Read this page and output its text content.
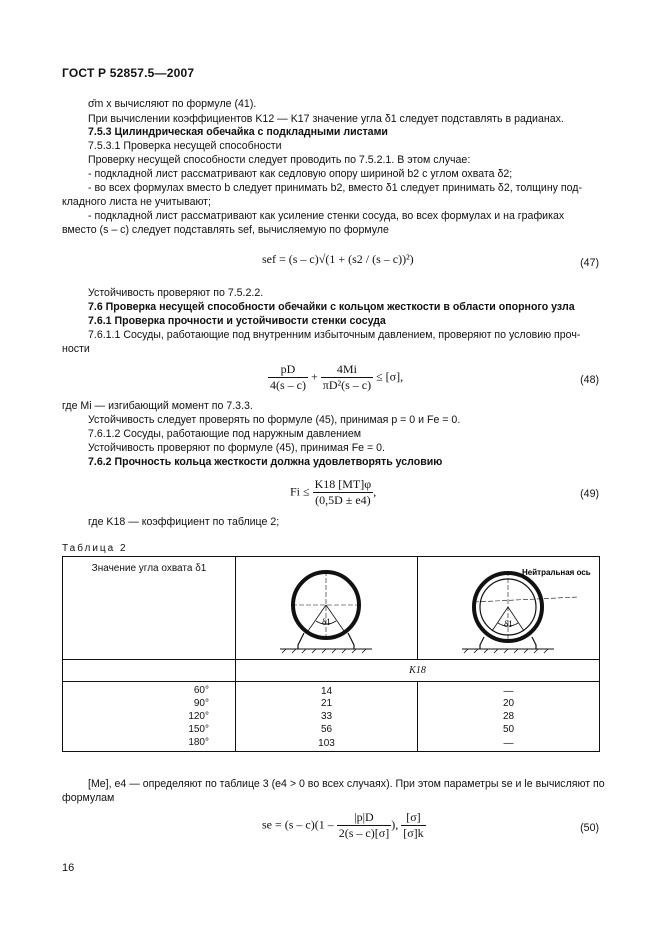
ГОСТ Р 52857.5—2007
σ̄m x вычисляют по формуле (41).
При вычислении коэффициентов K12 — K17 значение угла δ1 следует подставлять в радианах.
7.5.3 Цилиндрическая обечайка с подкладными листами
7.5.3.1 Проверка несущей способности
Проверку несущей способности следует проводить по 7.5.2.1. В этом случае:
- подкладной лист рассматривают как седловую опору шириной b2 с углом охвата δ2;
- во всех формулах вместо b следует принимать b2, вместо δ1 следует принимать δ2, толщину под-
кладного листа не учитывают;
- подкладной лист рассматривают как усиление стенки сосуда, во всех формулах и на графиках
вместо (s – c) следует подставлять sef, вычисляемую по формуле
sef = (s – c)√(1 + (s2 / (s – c))²)	(47)
Устойчивость проверяют по 7.5.2.2.
7.6 Проверка несущей способности обечайки с кольцом жесткости в области опорного узла
7.6.1 Проверка прочности и устойчивости стенки сосуда
7.6.1.1 Сосуды, работающие под внутренним избыточным давлением, проверяют по условию проч-
ности
$\frac{pD}{4(s - c)} + \frac{4Mi}{\text{πD²(s – c)}} \le [\sigma]$,	(48)
где Mi — изгибающий момент по 7.3.3.
Устойчивость следует проверять по формуле (45), принимая p = 0 и Fe = 0.
7.6.1.2 Сосуды, работающие под наружным давлением
Устойчивость проверяют по формуле (45), принимая Fe = 0.
7.6.2 Прочность кольца жесткости должна удовлетворять условию
$Fi \le \frac{K18 [MT]\varphi}{(0,5D \pm e4)}$ ,	(49)
где K18 — коэффициент по таблице 2;
Таблица 2
Значение угла охвата δ1	δ1	δ1
Нейтральная ось

	K18	
60°	14	—
90°	21	20
120°	33	28
150°	56	50
180°	103	—
[Me], e4 — определяют по таблице 3 (e4 > 0 во всех случаях). При этом параметры se и le вычисляют по
формулам
se = $(s - c)(1 - \frac{|p|D}{2(s - c)[\sigma]}$ ), $\frac{[\sigma]}{[\sigma]k}$	(50)
16
